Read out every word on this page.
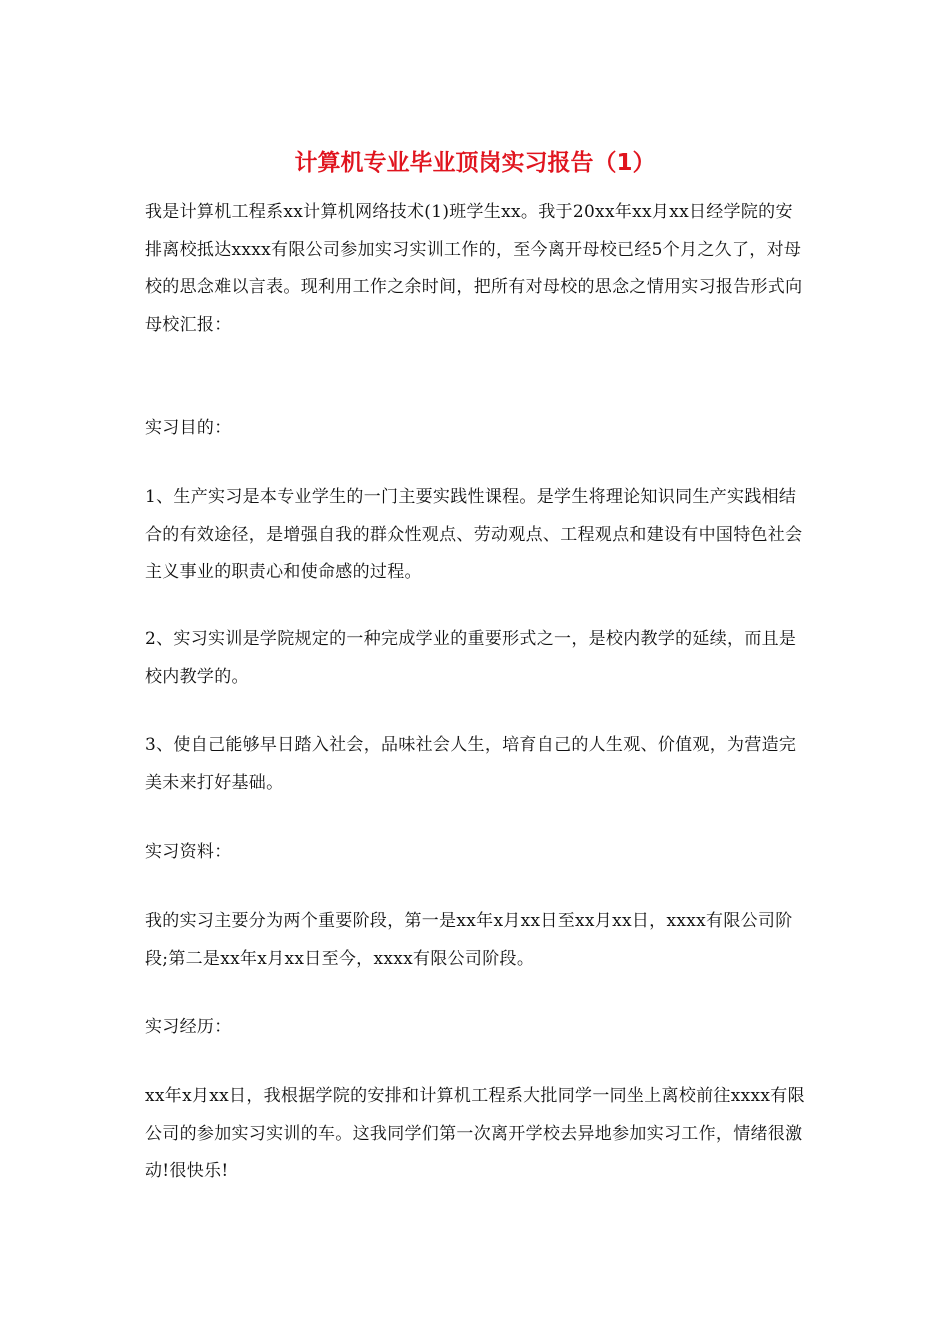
计算机专业毕业顶岗实习报告（1）

我是计算机工程系xx计算机网络技术(1)班学生xx。我于20xx年xx月xx日经学院的安排离校抵达xxxx有限公司参加实习实训工作的，至今离开母校已经5个月之久了，对母校的思念难以言表。现利用工作之余时间，把所有对母校的思念之情用实习报告形式向母校汇报：

实习目的：

1、生产实习是本专业学生的一门主要实践性课程。是学生将理论知识同生产实践相结合的有效途径，是增强自我的群众性观点、劳动观点、工程观点和建设有中国特色社会主义事业的职责心和使命感的过程。

2、实习实训是学院规定的一种完成学业的重要形式之一，是校内教学的延续，而且是校内教学的。

3、使自己能够早日踏入社会，品味社会人生，培育自己的人生观、价值观，为营造完美未来打好基础。

实习资料：

我的实习主要分为两个重要阶段，第一是xx年x月xx日至xx月xx日，xxxx有限公司阶段;第二是xx年x月xx日至今，xxxx有限公司阶段。

实习经历：

xx年x月xx日，我根据学院的安排和计算机工程系大批同学一同坐上离校前往xxxx有限公司的参加实习实训的车。这我同学们第一次离开学校去异地参加实习工作，情绪很激动!很快乐!
